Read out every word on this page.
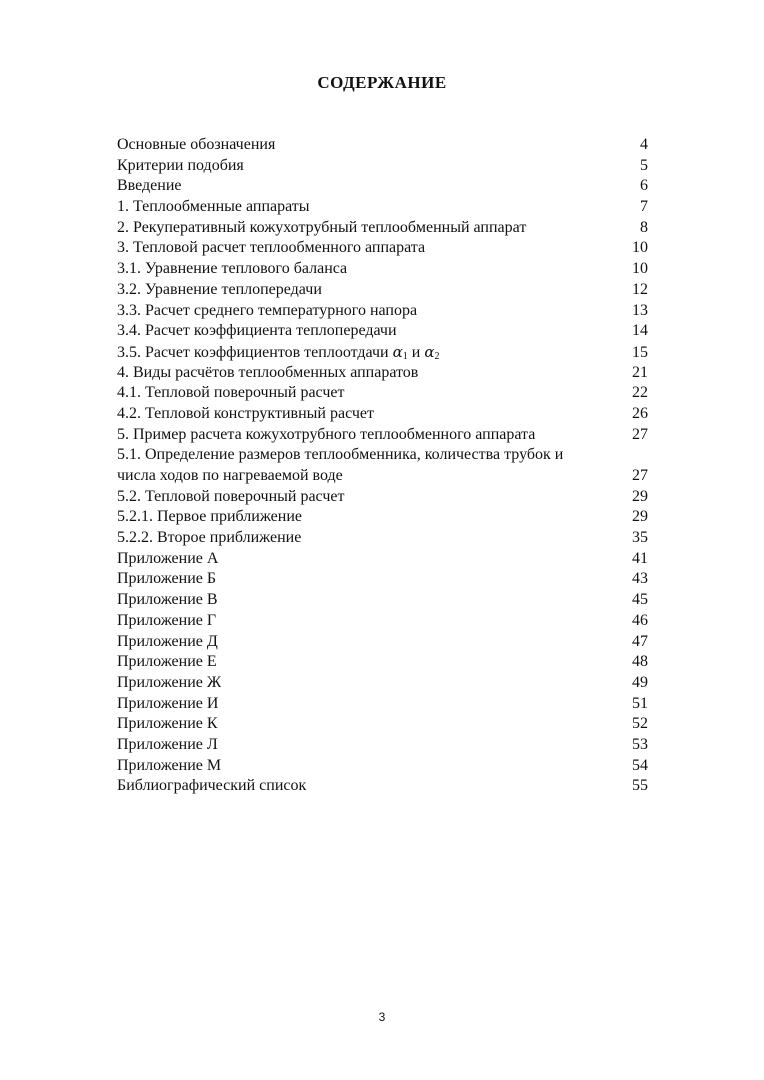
СОДЕРЖАНИЕ
Основные обозначения	4
Критерии подобия	5
Введение	6
1. Теплообменные аппараты	7
2. Рекуперативный кожухотрубный теплообменный аппарат	8
3. Тепловой расчет теплообменного аппарата	10
3.1. Уравнение теплового баланса	10
3.2. Уравнение теплопередачи	12
3.3. Расчет среднего температурного напора	13
3.4. Расчет коэффициента теплопередачи	14
3.5. Расчет коэффициентов теплоотдачи $\alpha_1$ и $\alpha_2$	15
4. Виды расчётов теплообменных аппаратов	21
4.1. Тепловой поверочный расчет	22
4.2. Тепловой конструктивный расчет	26
5. Пример расчета кожухотрубного теплообменного аппарата	27
5.1. Определение размеров теплообменника, количества трубок и числа ходов по нагреваемой воде	27
5.2. Тепловой поверочный расчет	29
5.2.1. Первое приближение	29
5.2.2. Второе приближение	35
Приложение А	41
Приложение Б	43
Приложение В	45
Приложение Г	46
Приложение Д	47
Приложение Е	48
Приложение Ж	49
Приложение И	51
Приложение К	52
Приложение Л	53
Приложение М	54
Библиографический список	55
3
